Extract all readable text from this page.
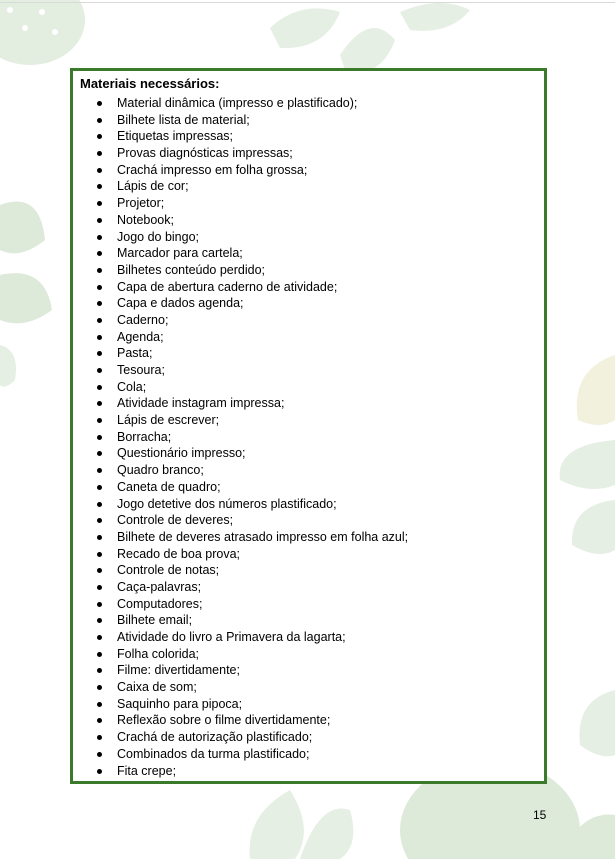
Materiais necessários:

Material dinâmica (impresso e plastificado);
Bilhete lista de material;
Etiquetas impressas;
Provas diagnósticas impressas;
Crachá impresso em folha grossa;
Lápis de cor;
Projetor;
Notebook;
Jogo do bingo;
Marcador para cartela;
Bilhetes conteúdo perdido;
Capa de abertura caderno de atividade;
Capa e dados agenda;
Caderno;
Agenda;
Pasta;
Tesoura;
Cola;
Atividade instagram impressa;
Lápis de escrever;
Borracha;
Questionário impresso;
Quadro branco;
Caneta de quadro;
Jogo detetive dos números plastificado;
Controle de deveres;
Bilhete de deveres atrasado impresso em folha azul;
Recado de boa prova;
Controle de notas;
Caça-palavras;
Computadores;
Bilhete email;
Atividade do livro a Primavera da lagarta;
Folha colorida;
Filme: divertidamente;
Caixa de som;
Saquinho para pipoca;
Reflexão sobre o filme divertidamente;
Crachá de autorização plastificado;
Combinados da turma plastificado;
Fita crepe;
15
